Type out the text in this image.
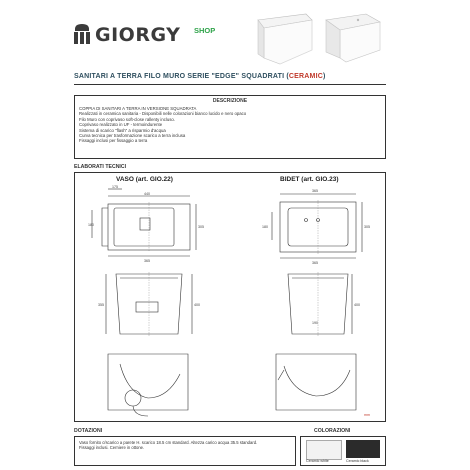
GIORGY SHOP
SANITARI A TERRA FILO MURO SERIE "EDGE" SQUADRATI (CERAMIC)
DESCRIZIONE
COPPIA DI SANITARI A TERRA IN VERSIONE SQUADRATA
Realizzati in ceramica sanitaria - Disponibili nelle colorazioni bianco lucido e nero opaco
Filo Muro con coprivaso soft-close rallenty incluso.
Coprivaso realizzato in UF - termoindurente
Sistema di scarico "flash" a risparmio d'acqua
Curva tecnica per trasformazione scarico a terra inclusa
Fissaggi inclusi per fissaggio a terra
ELABORATI TECNICI
VASO (art. GIO.22)	BIDET (art. GIO.23)
175
440
180	305
365
355	400
365
180	305
365
400
190
mm
DOTAZIONI
Vaso fornito c/scarico a parete H. scarico 18.5 cm standard. Altezza carico acqua 35.5 standard.
Fissaggi inclusi. Cerniere in ottone.
COLORAZIONI
Ceramic white	Ceramic black
